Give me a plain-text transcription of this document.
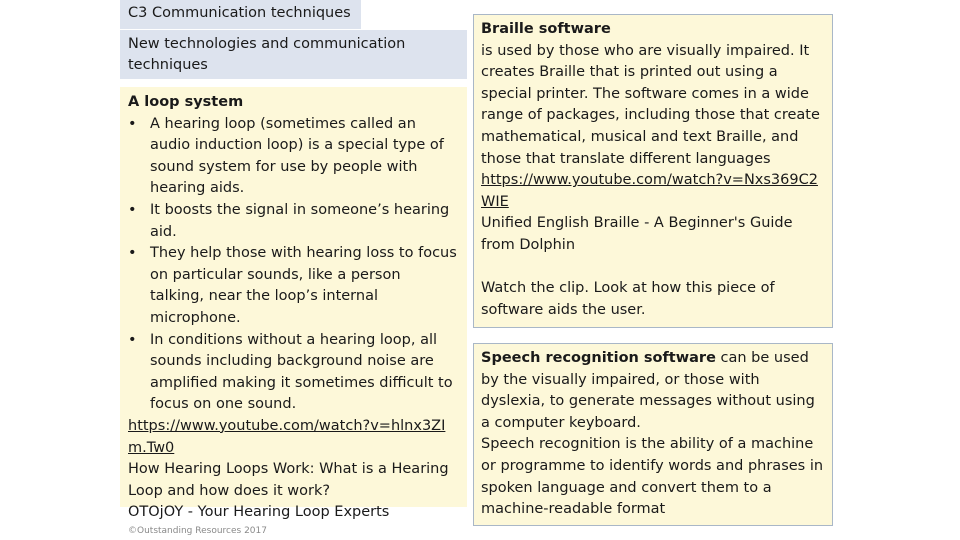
C3 Communication techniques
New technologies and communication techniques
A loop system
• A hearing loop (sometimes called an audio induction loop) is a special type of sound system for use by people with hearing aids.
• It boosts the signal in someone’s hearing aid.
• They help those with hearing loss to focus on particular sounds, like a person talking, near the loop’s internal microphone.
• In conditions without a hearing loop, all sounds including background noise are amplified making it sometimes difficult to focus on one sound.
https://www.youtube.com/watch?v=hlnx3ZIm.Tw0
How Hearing Loops Work: What is a Hearing Loop and how does it work?
OTOjOY - Your Hearing Loop Experts
Braille software
is used by those who are visually impaired. It creates Braille that is printed out using a special printer. The software comes in a wide range of packages, including those that create mathematical, musical and text Braille, and those that translate different languages
https://www.youtube.com/watch?v=Nxs369C2WIE
Unified English Braille - A Beginner's Guide from Dolphin
Watch the clip. Look at how this piece of software aids the user.
Speech recognition software can be used by the visually impaired, or those with dyslexia, to generate messages without using a computer keyboard.
Speech recognition is the ability of a machine or programme to identify words and phrases in spoken language and convert them to a machine-readable format
©Outstanding Resources 2017
